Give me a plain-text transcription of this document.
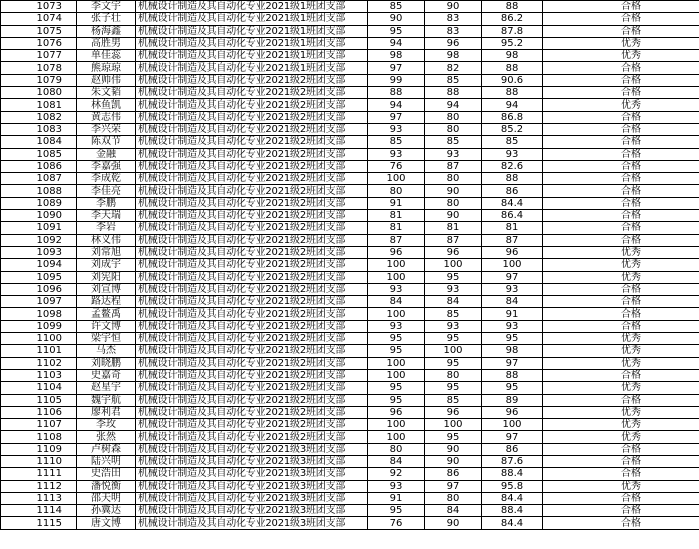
1073	李文宇	机械设计制造及其自动化专业2021级1班团支部	85	90	88	合格
1074	张子壮	机械设计制造及其自动化专业2021级1班团支部	90	83	86.2	合格
1075	杨海鑫	机械设计制造及其自动化专业2021级1班团支部	95	83	87.8	合格
1076	高胜男	机械设计制造及其自动化专业2021级1班团支部	94	96	95.2	优秀
1077	单佳蕊	机械设计制造及其自动化专业2021级1班团支部	98	98	98	优秀
1078	熊琼琼	机械设计制造及其自动化专业2021级1班团支部	97	82	88	合格
1079	赵帅伟	机械设计制造及其自动化专业2021级2班团支部	99	85	90.6	合格
1080	朱文韬	机械设计制造及其自动化专业2021级2班团支部	88	88	88	合格
1081	林鱼凯	机械设计制造及其自动化专业2021级2班团支部	94	94	94	优秀
1082	黄志伟	机械设计制造及其自动化专业2021级2班团支部	97	80	86.8	合格
1083	李兴荣	机械设计制造及其自动化专业2021级2班团支部	93	80	85.2	合格
1084	陈双节	机械设计制造及其自动化专业2021级2班团支部	85	85	85	合格
1085	金融	机械设计制造及其自动化专业2021级2班团支部	93	93	93	合格
1086	李嘉强	机械设计制造及其自动化专业2021级2班团支部	76	87	82.6	合格
1087	李成乾	机械设计制造及其自动化专业2021级2班团支部	100	80	88	合格
1088	李佳亮	机械设计制造及其自动化专业2021级2班团支部	80	90	86	合格
1089	李鹏	机械设计制造及其自动化专业2021级2班团支部	91	80	84.4	合格
1090	李天瑞	机械设计制造及其自动化专业2021级2班团支部	81	90	86.4	合格
1091	李岩	机械设计制造及其自动化专业2021级2班团支部	81	81	81	合格
1092	林义伟	机械设计制造及其自动化专业2021级2班团支部	87	87	87	合格
1093	刘常旭	机械设计制造及其自动化专业2021级2班团支部	96	96	96	优秀
1094	刘成宇	机械设计制造及其自动化专业2021级2班团支部	100	100	100	优秀
1095	刘宪阳	机械设计制造及其自动化专业2021级2班团支部	100	95	97	优秀
1096	刘宣博	机械设计制造及其自动化专业2021级2班团支部	93	93	93	合格
1097	路达程	机械设计制造及其自动化专业2021级2班团支部	84	84	84	合格
1098	孟鳌禹	机械设计制造及其自动化专业2021级2班团支部	100	85	91	合格
1099	许文博	机械设计制造及其自动化专业2021级2班团支部	93	93	93	合格
1100	梁宇恒	机械设计制造及其自动化专业2021级2班团支部	95	95	95	优秀
1101	马杰	机械设计制造及其自动化专业2021级2班团支部	95	100	98	优秀
1102	刘晓鹏	机械设计制造及其自动化专业2021级2班团支部	100	95	97	优秀
1103	史嘉奇	机械设计制造及其自动化专业2021级2班团支部	100	80	88	合格
1104	赵星宇	机械设计制造及其自动化专业2021级2班团支部	95	95	95	优秀
1105	魏宇航	机械设计制造及其自动化专业2021级2班团支部	95	85	89	合格
1106	廖利君	机械设计制造及其自动化专业2021级2班团支部	96	96	96	优秀
1107	李玫	机械设计制造及其自动化专业2021级2班团支部	100	100	100	优秀
1108	张然	机械设计制造及其自动化专业2021级2班团支部	100	95	97	优秀
1109	卢树森	机械设计制造及其自动化专业2021级3班团支部	80	90	86	合格
1110	陆兴明	机械设计制造及其自动化专业2021级3班团支部	84	90	87.6	合格
1111	史浩田	机械设计制造及其自动化专业2021级3班团支部	92	86	88.4	合格
1112	潘悦衡	机械设计制造及其自动化专业2021级3班团支部	93	97	95.8	优秀
1113	邵天明	机械设计制造及其自动化专业2021级3班团支部	91	80	84.4	合格
1114	孙冀达	机械设计制造及其自动化专业2021级3班团支部	95	84	88.4	合格
1115	唐文博	机械设计制造及其自动化专业2021级3班团支部	76	90	84.4	合格
